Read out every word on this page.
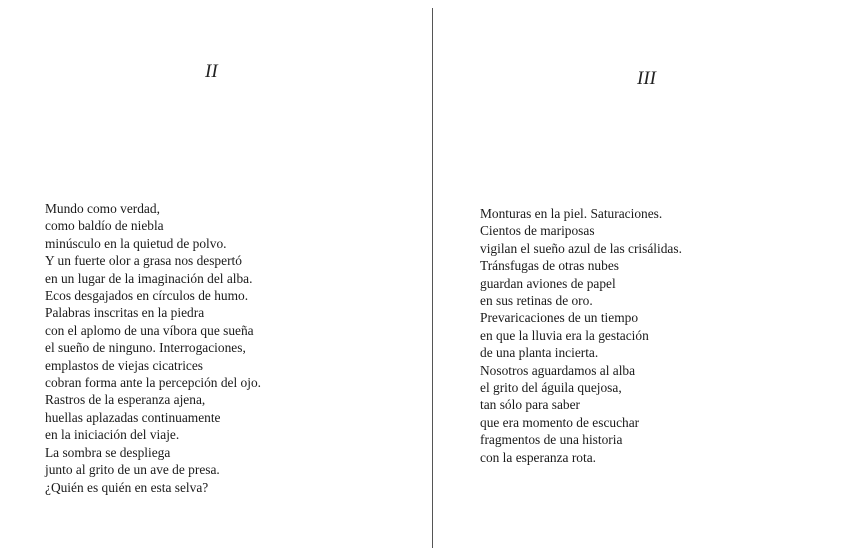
II
Mundo como verdad,
como baldío de niebla
minúsculo en la quietud de polvo.
Y un fuerte olor a grasa nos despertó
en un lugar de la imaginación del alba.
Ecos desgajados en círculos de humo.
Palabras inscritas en la piedra
con el aplomo de una víbora que sueña
el sueño de ninguno. Interrogaciones,
emplastos de viejas cicatrices
cobran forma ante la percepción del ojo.
Rastros de la esperanza ajena,
huellas aplazadas continuamente
en la iniciación del viaje.
La sombra se despliega
junto al grito de un ave de presa.
¿Quién es quién en esta selva?
III
Monturas en la piel. Saturaciones.
Cientos de mariposas
vigilan el sueño azul de las crisálidas.
Tránsfugas de otras nubes
guardan aviones de papel
en sus retinas de oro.
Prevaricaciones de un tiempo
en que la lluvia era la gestación
de una planta incierta.
Nosotros aguardamos al alba
el grito del águila quejosa,
tan sólo para saber
que era momento de escuchar
fragmentos de una historia
con la esperanza rota.
